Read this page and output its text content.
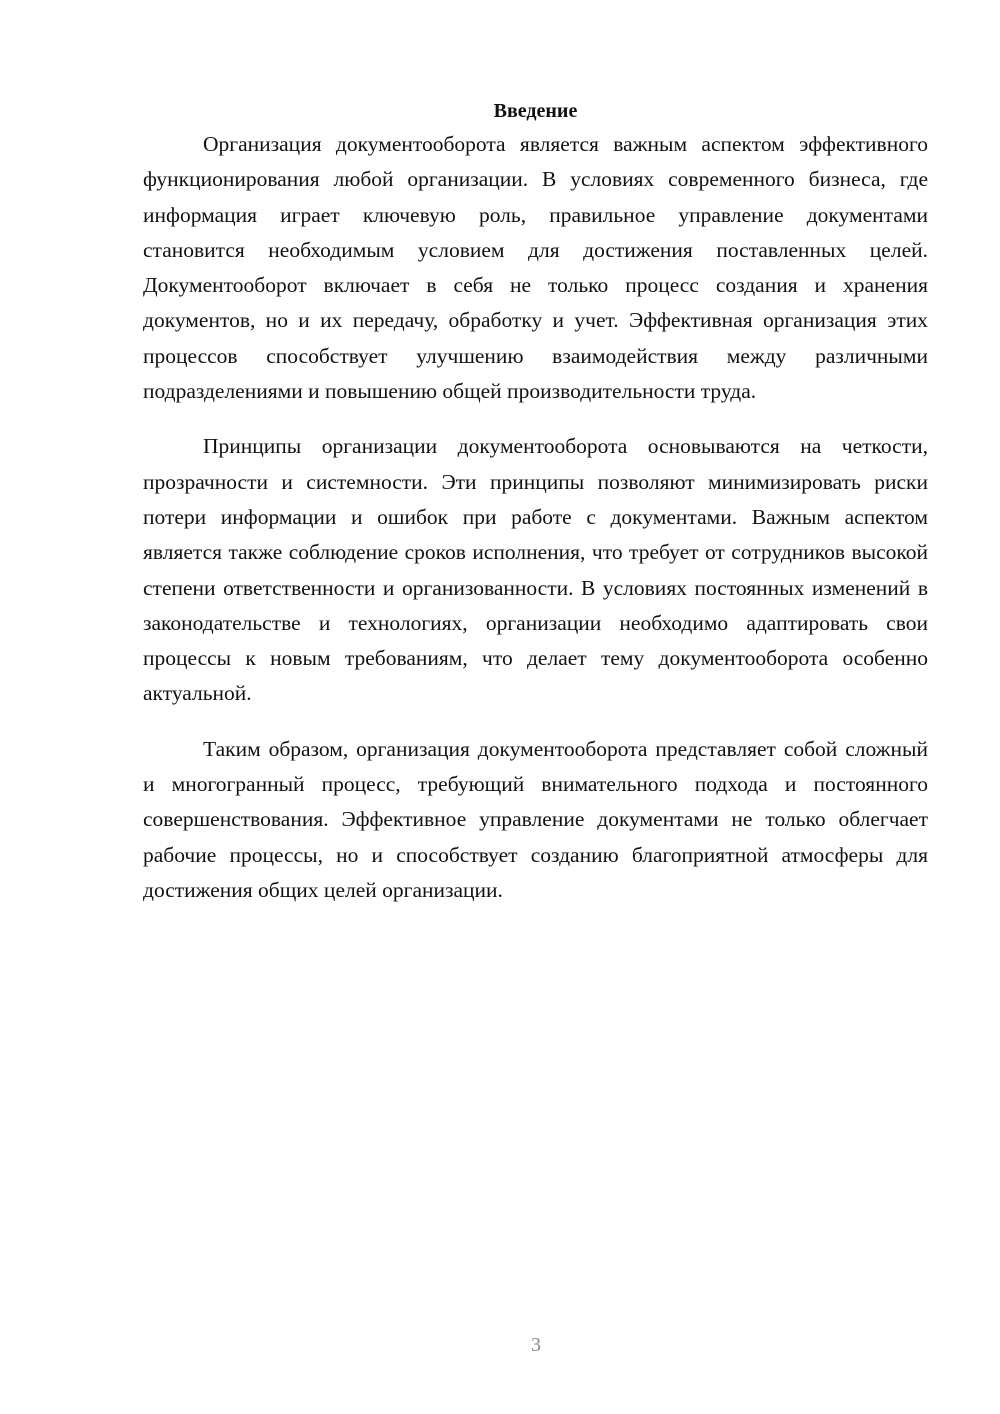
Введение

Организация документооборота является важным аспектом эффективного функционирования любой организации. В условиях современного бизнеса, где информация играет ключевую роль, правильное управление документами становится необходимым условием для достижения поставленных целей. Документооборот включает в себя не только процесс создания и хранения документов, но и их передачу, обработку и учет. Эффективная организация этих процессов способствует улучшению взаимодействия между различными подразделениями и повышению общей производительности труда.

Принципы организации документооборота основываются на четкости, прозрачности и системности. Эти принципы позволяют минимизировать риски потери информации и ошибок при работе с документами. Важным аспектом является также соблюдение сроков исполнения, что требует от сотрудников высокой степени ответственности и организованности. В условиях постоянных изменений в законодательстве и технологиях, организации необходимо адаптировать свои процессы к новым требованиям, что делает тему документооборота особенно актуальной.

Таким образом, организация документооборота представляет собой сложный и многогранный процесс, требующий внимательного подхода и постоянного совершенствования. Эффективное управление документами не только облегчает рабочие процессы, но и способствует созданию благоприятной атмосферы для достижения общих целей организации.

3
